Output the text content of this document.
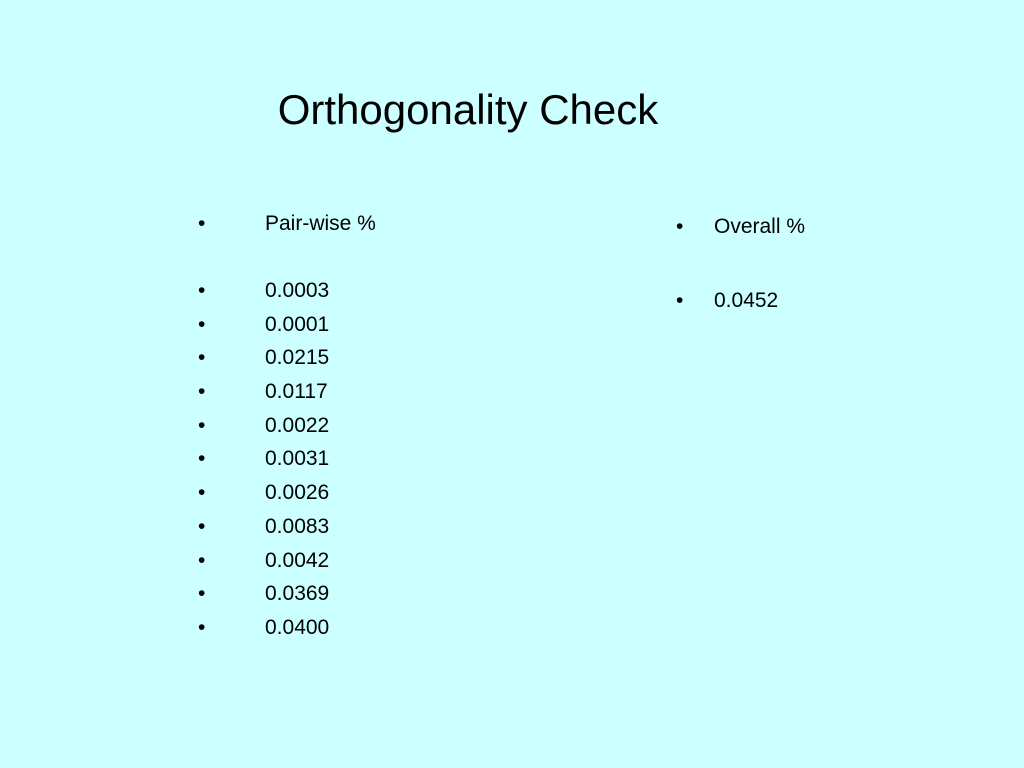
Orthogonality Check
•	Pair-wise %
•	0.0003
•	0.0001
•	0.0215
•	0.0117
•	0.0022
•	0.0031
•	0.0026
•	0.0083
•	0.0042
•	0.0369
•	0.0400
• Overall %
• 0.0452
